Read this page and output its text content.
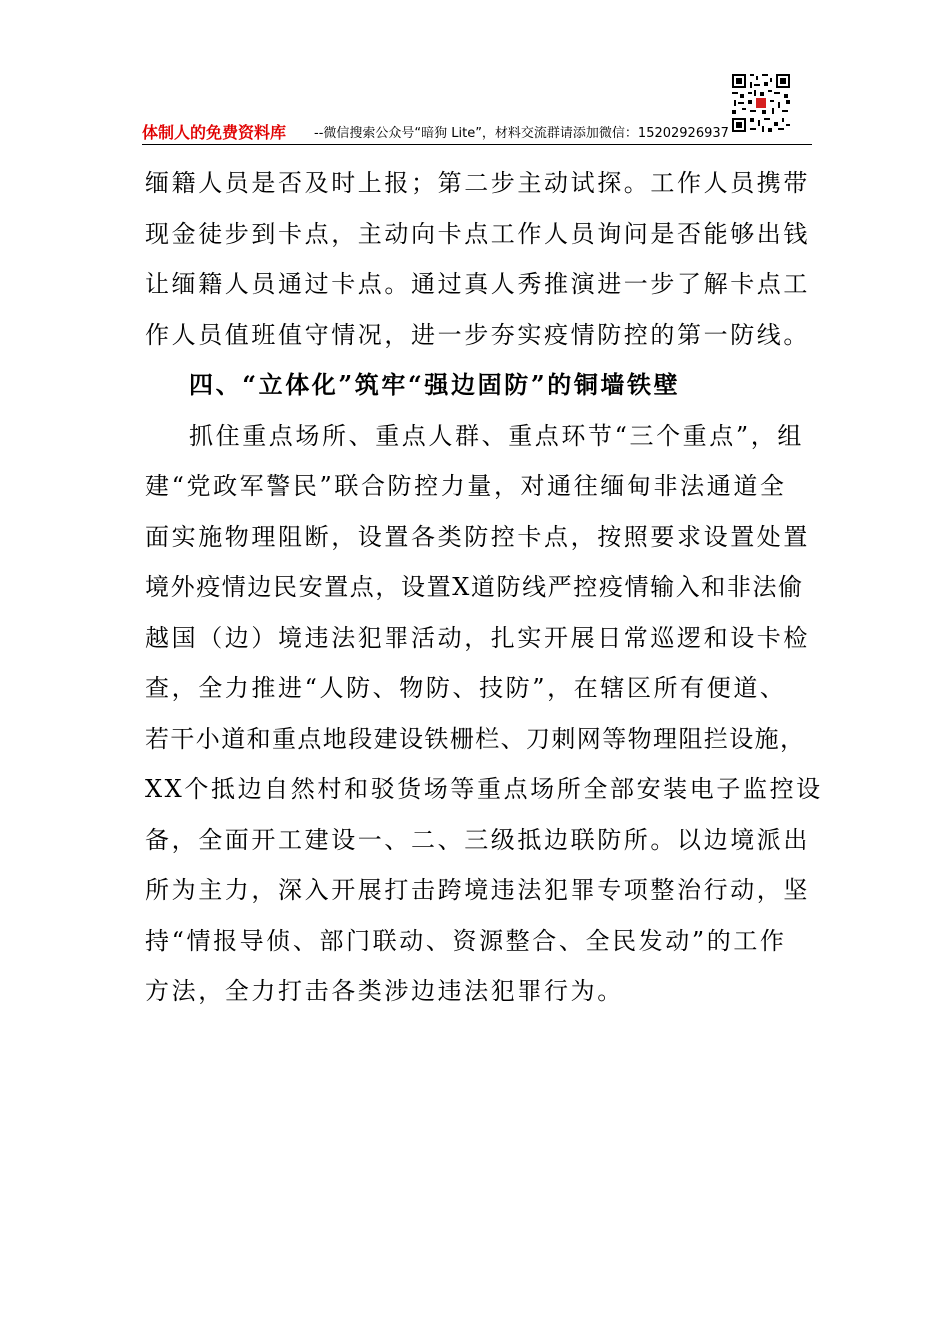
体制人的免费资料库 --微信搜索公众号“暗狗 Lite”，材料交流群请添加微信：15202926937

缅籍人员是否及时上报；第二步主动试探。工作人员携带

现金徒步到卡点，主动向卡点工作人员询问是否能够出钱

让缅籍人员通过卡点。通过真人秀推演进一步了解卡点工

作人员值班值守情况，进一步夯实疫情防控的第一防线。

四、“立体化”筑牢“强边固防”的铜墙铁壁

抓住重点场所、重点人群、重点环节“三个重点”，组

建“党政军警民”联合防控力量，对通往缅甸非法通道全

面实施物理阻断，设置各类防控卡点，按照要求设置处置

境外疫情边民安置点，设置X道防线严控疫情输入和非法偷

越国（边）境违法犯罪活动，扎实开展日常巡逻和设卡检

查，全力推进“人防、物防、技防”，在辖区所有便道、

若干小道和重点地段建设铁栅栏、刀刺网等物理阻拦设施，

XX个抵边自然村和驳货场等重点场所全部安装电子监控设

备，全面开工建设一、二、三级抵边联防所。以边境派出

所为主力，深入开展打击跨境违法犯罪专项整治行动，坚

持“情报导侦、部门联动、资源整合、全民发动”的工作

方法，全力打击各类涉边违法犯罪行为。
